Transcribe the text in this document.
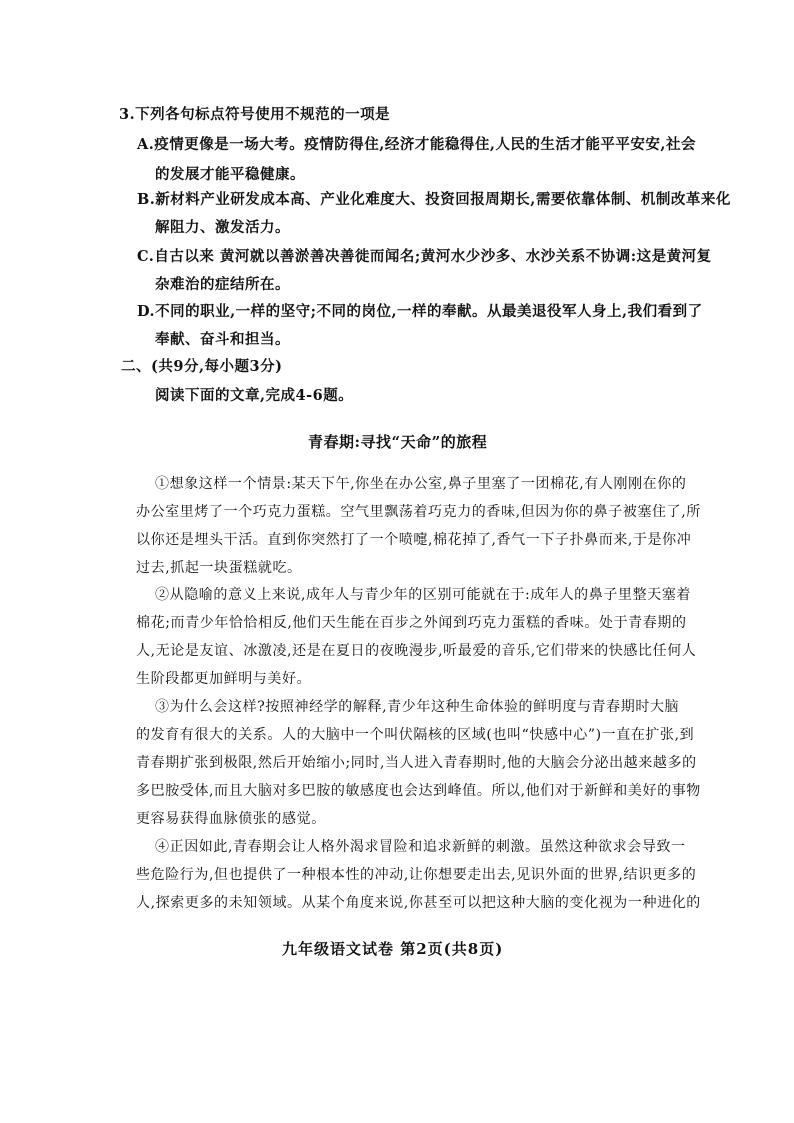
3.下列各句标点符号使用不规范的一项是
A.疫情更像是一场大考。疫情防得住,经济才能稳得住,人民的生活才能平平安安,社会
的发展才能平稳健康。
B.新材料产业研发成本高、产业化难度大、投资回报周期长,需要依靠体制、机制改革来化
解阻力、激发活力。
C.自古以来 黄河就以善淤善决善徙而闻名;黄河水少沙多、水沙关系不协调:这是黄河复
杂难治的症结所在。
D.不同的职业,一样的坚守;不同的岗位,一样的奉献。从最美退役军人身上,我们看到了
奉献、奋斗和担当。
二、(共9分,每小题3分)
阅读下面的文章,完成4-6题。
青春期:寻找“天命”的旅程
①想象这样一个情景:某天下午,你坐在办公室,鼻子里塞了一团棉花,有人刚刚在你的
办公室里烤了一个巧克力蛋糕。空气里飘荡着巧克力的香味,但因为你的鼻子被塞住了,所
以你还是埋头干活。直到你突然打了一个喷嚏,棉花掉了,香气一下子扑鼻而来,于是你冲
过去,抓起一块蛋糕就吃。
②从隐喻的意义上来说,成年人与青少年的区别可能就在于:成年人的鼻子里整天塞着
棉花;而青少年恰恰相反,他们天生能在百步之外闻到巧克力蛋糕的香味。处于青春期的
人,无论是友谊、冰激凌,还是在夏日的夜晚漫步,听最爱的音乐,它们带来的快感比任何人
生阶段都更加鲜明与美好。
③为什么会这样?按照神经学的解释,青少年这种生命体验的鲜明度与青春期时大脑
的发育有很大的关系。人的大脑中一个叫伏隔核的区域(也叫“快感中心”)一直在扩张,到
青春期扩张到极限,然后开始缩小;同时,当人进入青春期时,他的大脑会分泌出越来越多的
多巴胺受体,而且大脑对多巴胺的敏感度也会达到峰值。所以,他们对于新鲜和美好的事物
更容易获得血脉偾张的感觉。
④正因如此,青春期会让人格外渴求冒险和追求新鲜的刺激。虽然这种欲求会导致一
些危险行为,但也提供了一种根本性的冲动,让你想要走出去,见识外面的世界,结识更多的
人,探索更多的未知领域。从某个角度来说,你甚至可以把这种大脑的变化视为一种进化的
九年级语文试卷 第2页(共8页)
